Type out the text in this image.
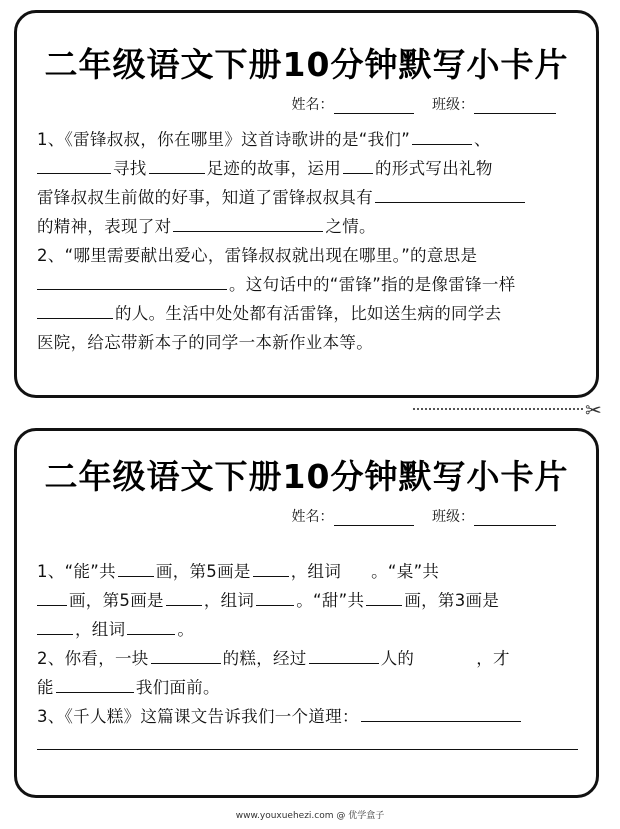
二年级语文下册10分钟默写小卡片
姓名：	班级：
1、《雷锋叔叔，你在哪里》这首诗歌讲的是“我们”	、
寻找	足迹的故事，运用 的形式写出礼物
雷锋叔叔生前做的好事，知道了雷锋叔叔具有
的精神，表现了对	之情。
2、“哪里需要献出爱心，雷锋叔叔就出现在哪里。”的意思是
。这句话中的“雷锋”指的是像雷锋一样
的人。生活中处处都有活雷锋，比如送生病的同学去
医院，给忘带新本子的同学一本新作业本等。
✂
二年级语文下册10分钟默写小卡片
姓名：	班级：
1、“能”共 画，第5画是 ，组词 。“桌”共
画，第5画是 ，组词	。“甜”共 画，第3画是
，组词	。
2、你看，一块	的糕，经过	人的	，才
能	我们面前。
3、《千人糕》这篇课文告诉我们一个道理：
www.youxuehezi.com @ 优学盒子
